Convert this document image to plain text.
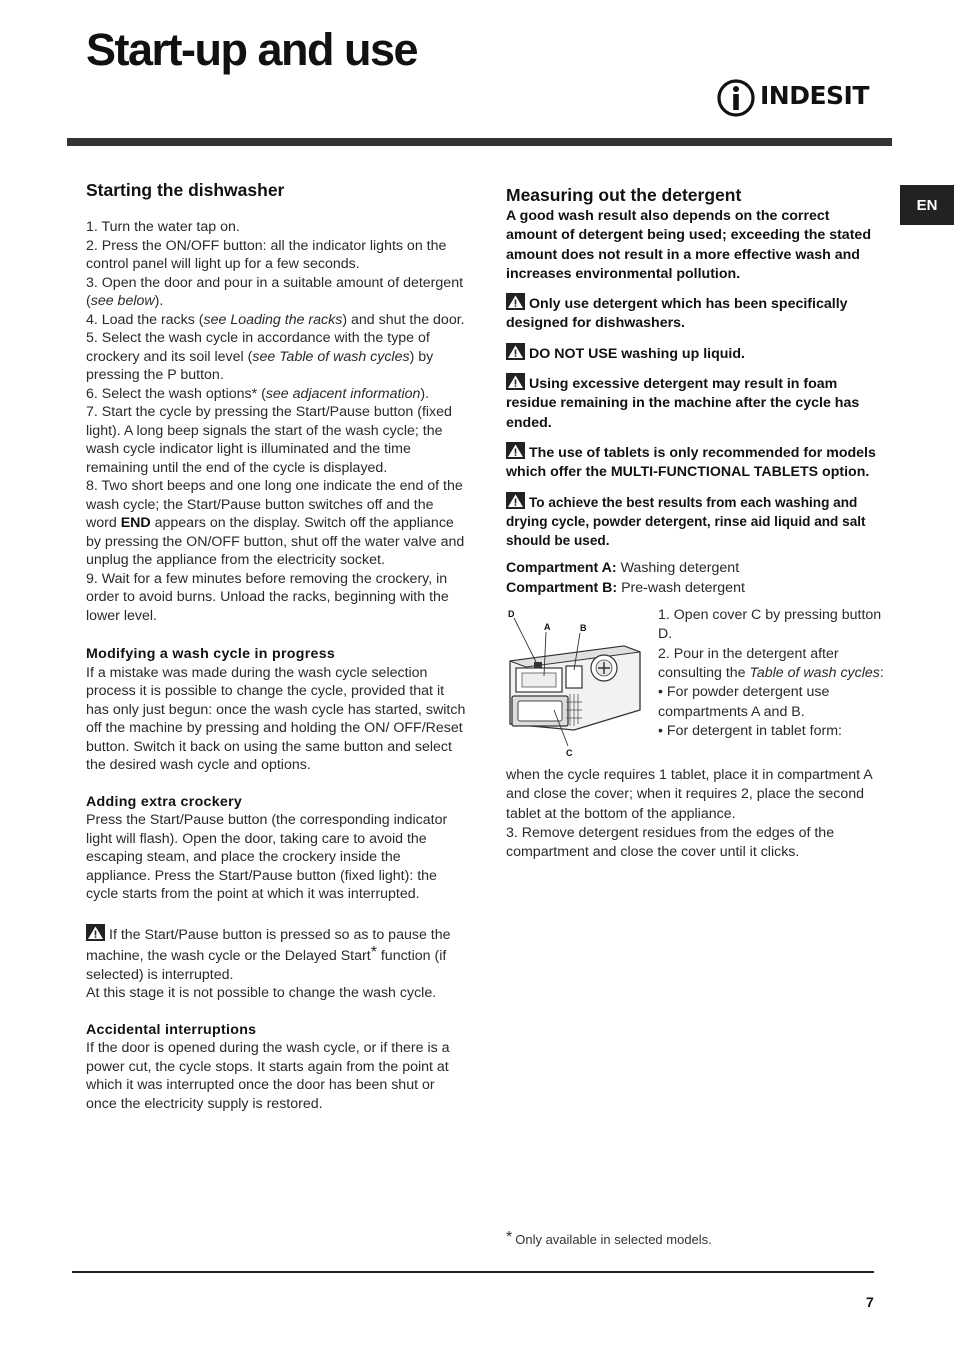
Start-up and use
INDESIT
EN
Starting the dishwasher

1. Turn the water tap on.

2. Press the ON/OFF button: all the indicator lights on the control panel will light up for a few seconds.

3. Open the door and pour in a suitable amount of detergent (see below).

4. Load the racks (see Loading the racks) and shut the door.

5. Select the wash cycle in accordance with the type of crockery and its soil level (see Table of wash cycles) by pressing the P button.

6. Select the wash options* (see adjacent information).

7. Start the cycle by pressing the Start/Pause button (fixed light). A long beep signals the start of the wash cycle; the wash cycle indicator light is illuminated and the time remaining until the end of the cycle is displayed.

8. Two short beeps and one long one indicate the end of the wash cycle; the Start/Pause button switches off and the word END appears on the display. Switch off the appliance by pressing the ON/OFF button, shut off the water valve and unplug the appliance from the electricity socket.

9. Wait for a few minutes before removing the crockery, in order to avoid burns. Unload the racks, beginning with the lower level.

Modifying a wash cycle in progress

If a mistake was made during the wash cycle selection process it is possible to change the cycle, provided that it has only just begun: once the wash cycle has started, switch off the machine by pressing and holding the ON/ OFF/Reset button. Switch it back on using the same button and select the desired wash cycle and options.

Adding extra crockery

Press the Start/Pause button (the corresponding indicator light will flash). Open the door, taking care to avoid the escaping steam, and place the crockery inside the appliance. Press the Start/Pause button (fixed light): the cycle starts from the point at which it was interrupted.

If the Start/Pause button is pressed so as to pause the machine, the wash cycle or the Delayed Start* function (if selected) is interrupted.

At this stage it is not possible to change the wash cycle.

Accidental interruptions

If the door is opened during the wash cycle, or if there is a power cut, the cycle stops. It starts again from the point at which it was interrupted once the door has been shut or once the electricity supply is restored.

Measuring out the detergent

A good wash result also depends on the correct amount of detergent being used; exceeding the stated amount does not result in a more effective wash and increases environmental pollution.

Only use detergent which has been specifically designed for dishwashers.

DO NOT USE washing up liquid.

Using excessive detergent may result in foam residue remaining in the machine after the cycle has ended.

The use of tablets is only recommended for models which offer the MULTI-FUNCTIONAL TABLETS option.

To achieve the best results from each washing and drying cycle, powder detergent, rinse aid liquid and salt should be used.

Compartment A: Washing detergent

Compartment B: Pre-wash detergent

D
A	B
C

1. Open cover C by pressing button D.

2. Pour in the detergent after consulting the Table of wash cycles:

• For powder detergent use compartments A and B.

• For detergent in tablet form:

when the cycle requires 1 tablet, place it in compartment A and close the cover; when it requires 2, place the second tablet at the bottom of the appliance.

3. Remove detergent residues from the edges of the compartment and close the cover until it clicks.

* Only available in selected models.
7
